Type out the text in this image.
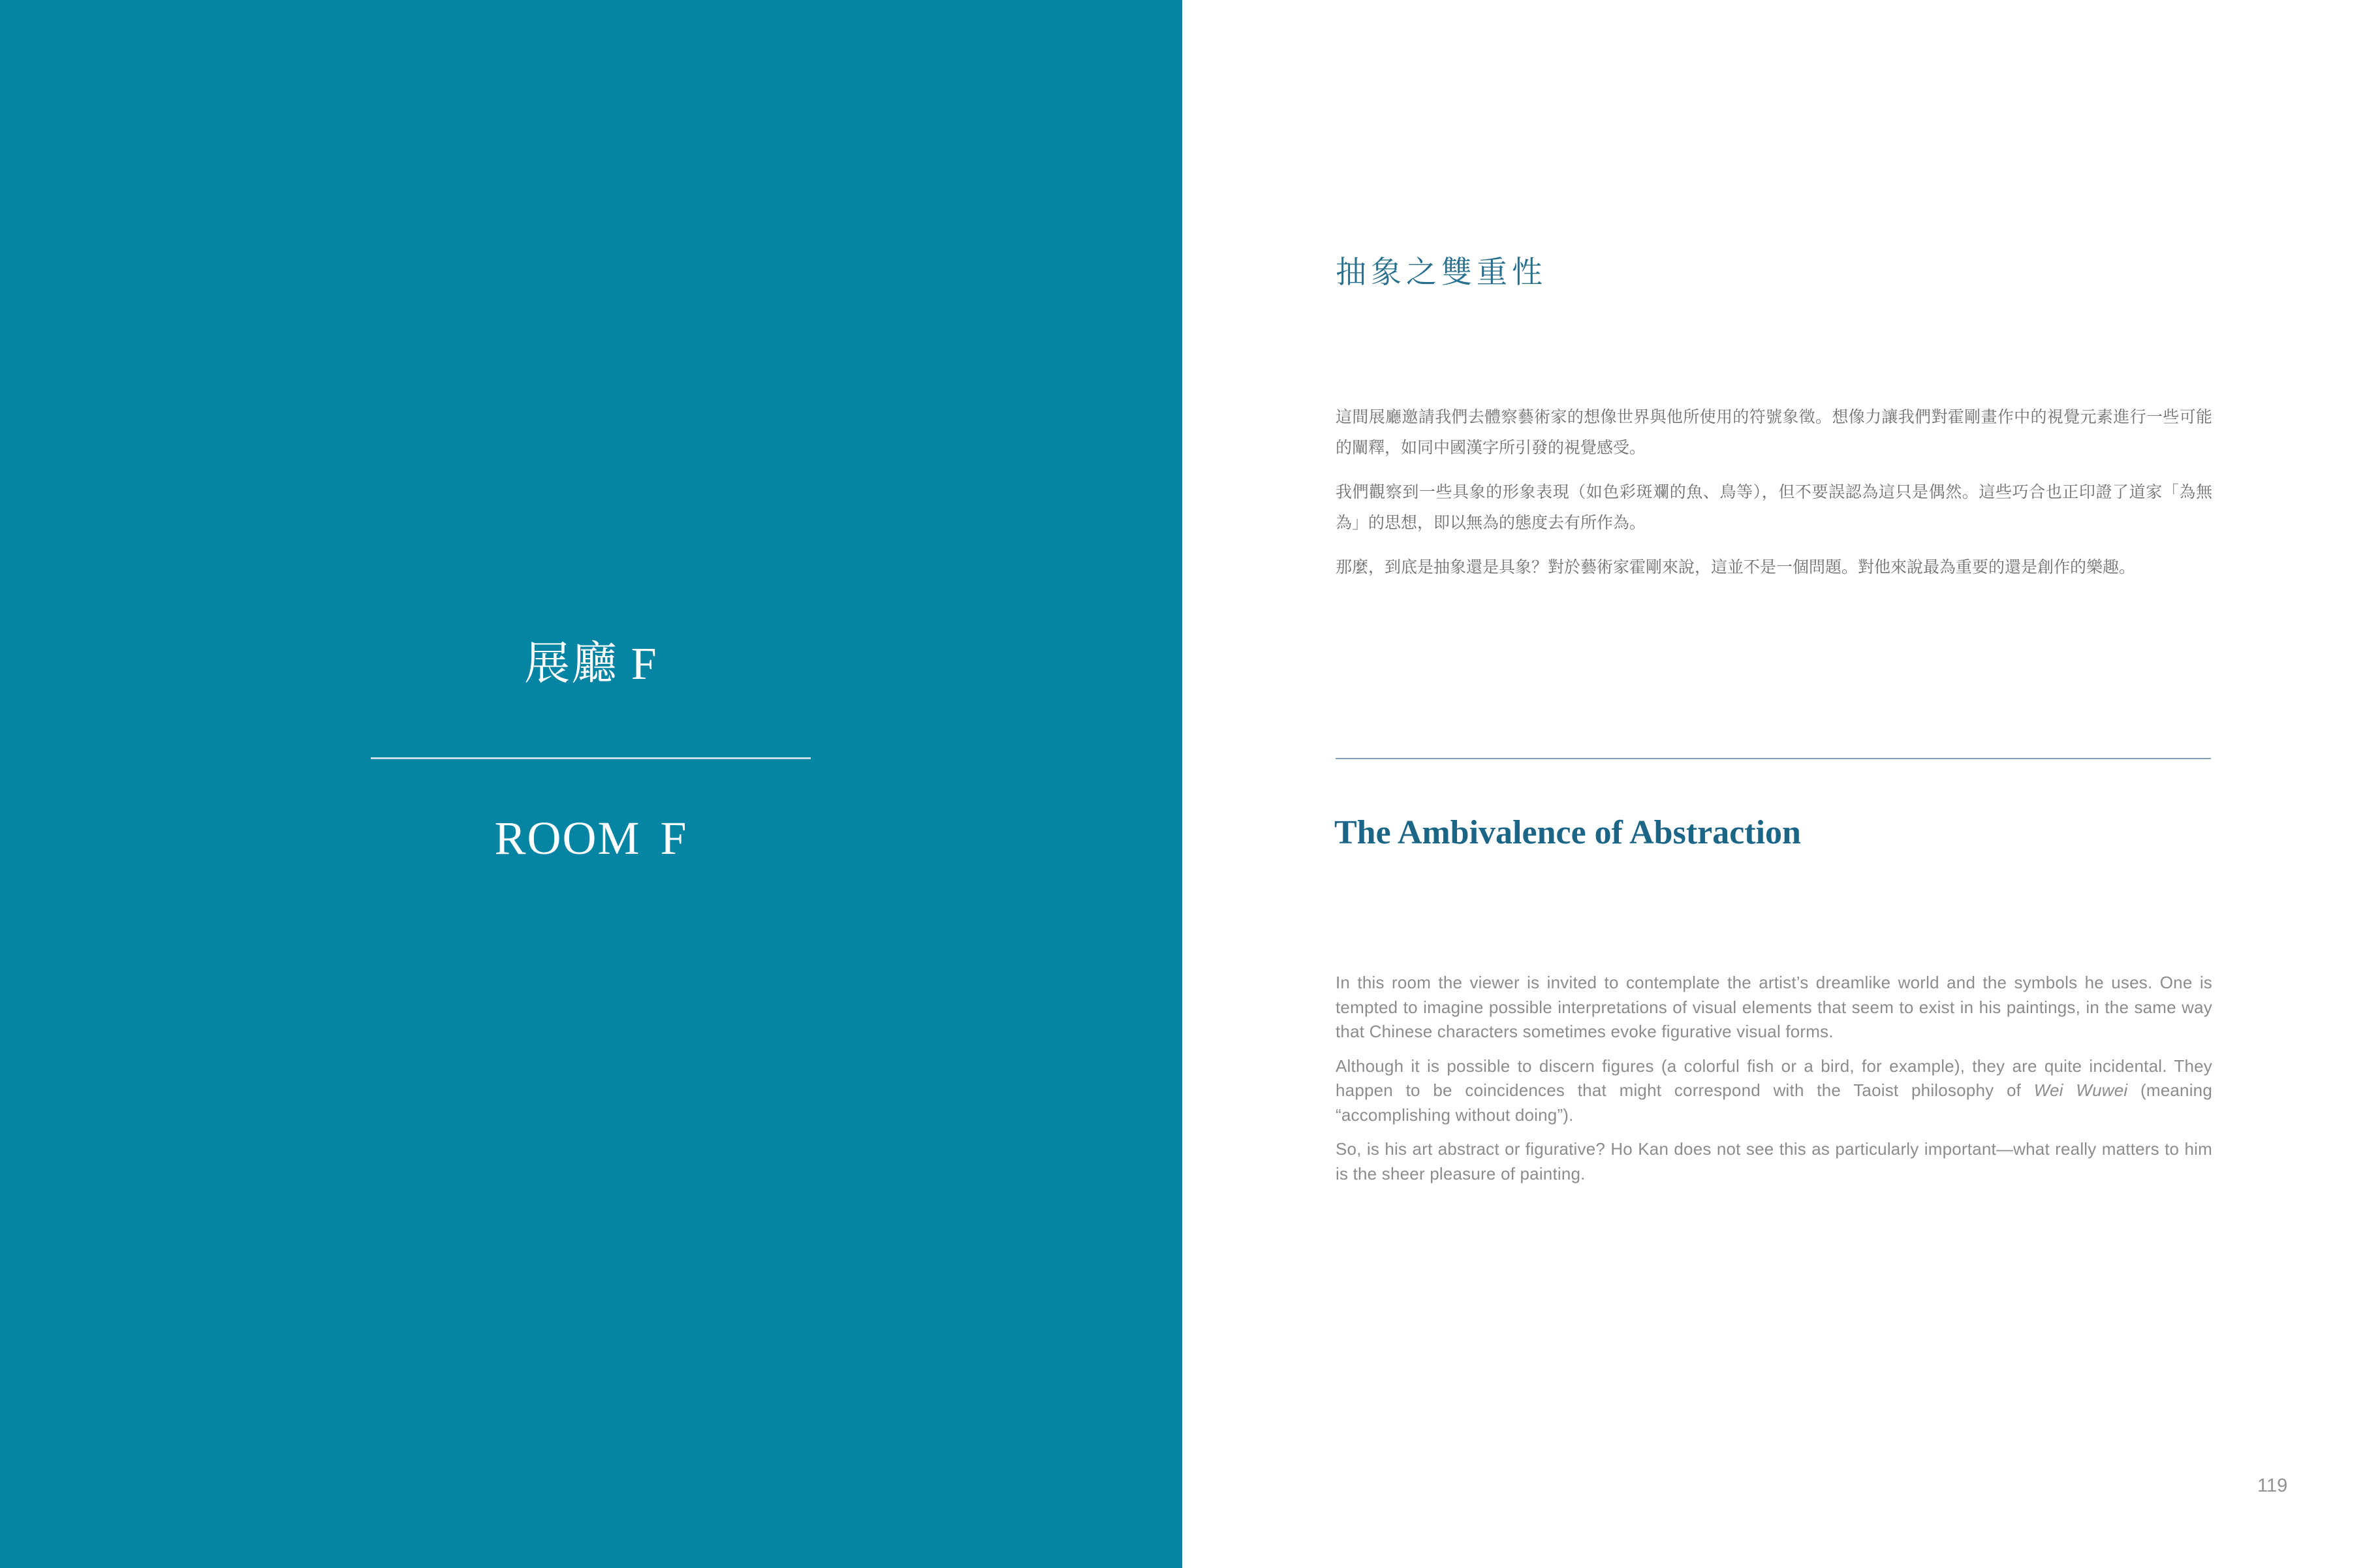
展廳 F
ROOM F
抽象之雙重性

這間展廳邀請我們去體察藝術家的想像世界與他所使用的符號象徵。想像力讓我們對霍剛畫作中的視覺元素進行一些可能的闡釋，如同中國漢字所引發的視覺感受。

我們觀察到一些具象的形象表現（如色彩斑斕的魚、鳥等），但不要誤認為這只是偶然。這些巧合也正印證了道家「為無為」的思想，即以無為的態度去有所作為。

那麼，到底是抽象還是具象？對於藝術家霍剛來說，這並不是一個問題。對他來說最為重要的還是創作的樂趣。

The Ambivalence of Abstraction

In this room the viewer is invited to contemplate the artist’s dreamlike world and the symbols he uses. One is tempted to imagine possible interpretations of visual elements that seem to exist in his paintings, in the same way that Chinese characters sometimes evoke figurative visual forms.

Although it is possible to discern figures (a colorful fish or a bird, for example), they are quite incidental. They happen to be coincidences that might correspond with the Taoist philosophy of Wei Wuwei (meaning “accomplishing without doing”).

So, is his art abstract or figurative? Ho Kan does not see this as particularly important—what really matters to him is the sheer pleasure of painting.

119
